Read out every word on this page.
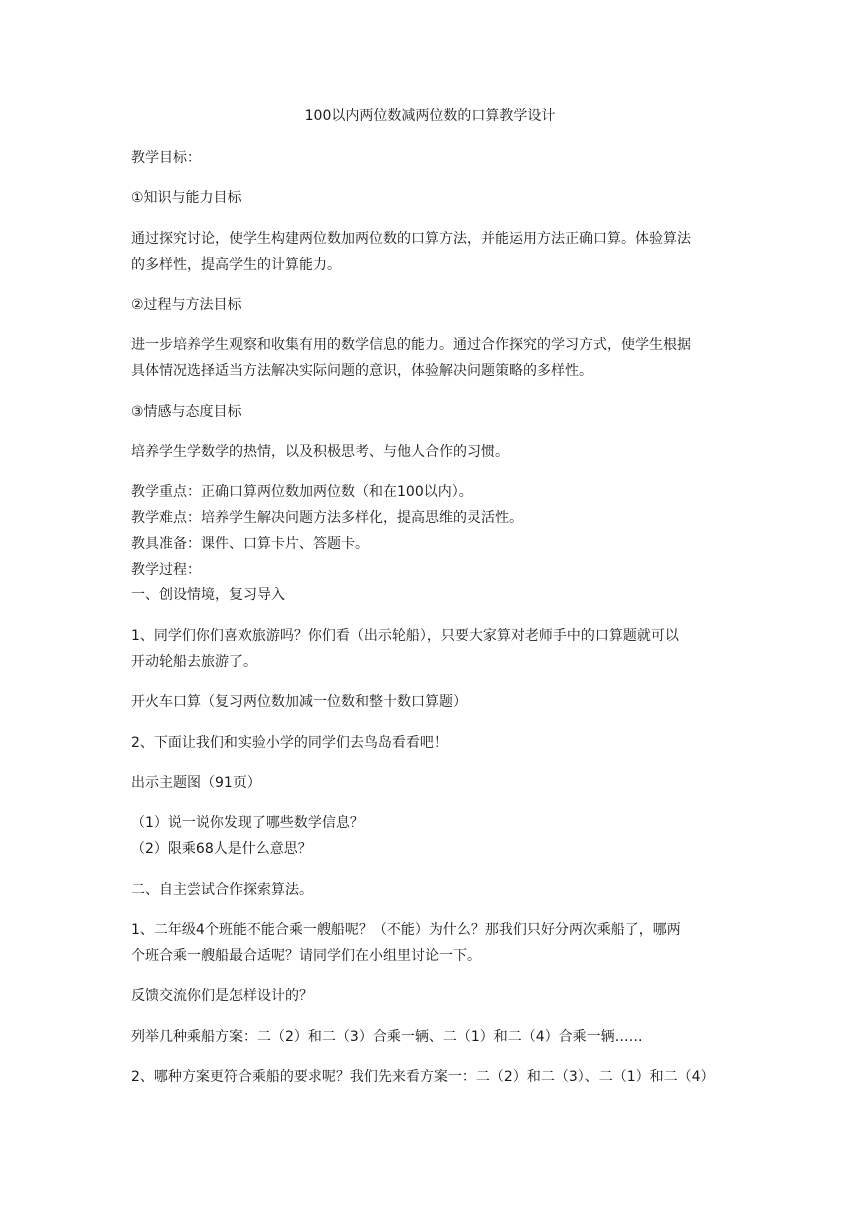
100以内两位数减两位数的口算教学设计

教学目标：

①知识与能力目标

通过探究讨论，使学生构建两位数加两位数的口算方法，并能运用方法正确口算。体验算法

的多样性，提高学生的计算能力。

②过程与方法目标

进一步培养学生观察和收集有用的数学信息的能力。通过合作探究的学习方式，使学生根据

具体情况选择适当方法解决实际问题的意识，体验解决问题策略的多样性。

③情感与态度目标

培养学生学数学的热情，以及积极思考、与他人合作的习惯。

教学重点：正确口算两位数加两位数（和在100以内）。

教学难点：培养学生解决问题方法多样化，提高思维的灵活性。

教具准备：课件、口算卡片、答题卡。

教学过程：

一、创设情境，复习导入

1、同学们你们喜欢旅游吗？你们看（出示轮船），只要大家算对老师手中的口算题就可以

开动轮船去旅游了。

开火车口算（复习两位数加减一位数和整十数口算题）

2、下面让我们和实验小学的同学们去鸟岛看看吧！

出示主题图（91页）

（1）说一说你发现了哪些数学信息？

（2）限乘68人是什么意思？

二、自主尝试合作探索算法。

1、二年级4个班能不能合乘一艘船呢？（不能）为什么？那我们只好分两次乘船了，哪两

个班合乘一艘船最合适呢？请同学们在小组里讨论一下。

反馈交流你们是怎样设计的？

列举几种乘船方案：二（2）和二（3）合乘一辆、二（1）和二（4）合乘一辆……

2、哪种方案更符合乘船的要求呢？我们先来看方案一：二（2）和二（3）、二（1）和二（4）
